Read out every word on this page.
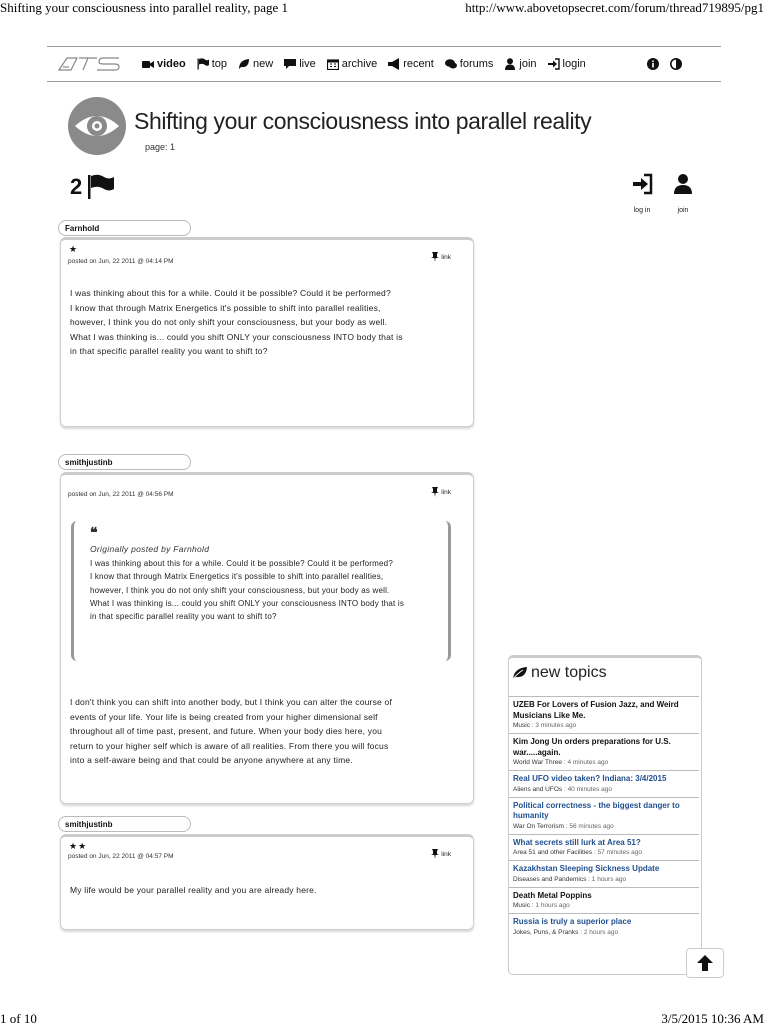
Shifting your consciousness into parallel reality, page 1	http://www.abovetopsecret.com/forum/thread719895/pg1
1 of 10	3/5/2015 10:36 AM
video top new live archive recent forums join login
Shifting your consciousness into parallel reality
page: 1
2
log in	join
Farnhold
★
posted on Jun, 22 2011 @ 04:14 PM
link
I was thinking about this for a while. Could it be possible? Could it be performed?
I know that through Matrix Energetics it's possible to shift into parallel realities,
however, I think you do not only shift your consciousness, but your body as well.
What I was thinking is... could you shift ONLY your consciousness INTO body that is
in that specific parallel reality you want to shift to?
smithjustinb
posted on Jun, 22 2011 @ 04:56 PM	link
❝
Originally posted by Farnhold
I was thinking about this for a while. Could it be possible? Could it be performed?
I know that through Matrix Energetics it's possible to shift into parallel realities,
however, I think you do not only shift your consciousness, but your body as well.
What I was thinking is... could you shift ONLY your consciousness INTO body that is
in that specific parallel reality you want to shift to?
I don't think you can shift into another body, but I think you can alter the course of
events of your life. Your life is being created from your higher dimensional self
throughout all of time past, present, and future. When your body dies here, you
return to your higher self which is aware of all realities. From there you will focus
into a self-aware being and that could be anyone anywhere at any time.
smithjustinb
★★
posted on Jun, 22 2011 @ 04:57 PM	link
My life would be your parallel reality and you are already here.
new topics
UZEB For Lovers of Fusion Jazz, and Weird Musicians Like Me.
Music : 3 minutes ago
Kim Jong Un orders preparations for U.S. war.....again.
World War Three : 4 minutes ago
Real UFO video taken? Indiana: 3/4/2015
Aliens and UFOs : 40 minutes ago
Political correctness - the biggest danger to humanity
War On Terrorism : 56 minutes ago
What secrets still lurk at Area 51?
Area 51 and other Facilities : 57 minutes ago
Kazakhstan Sleeping Sickness Update
Diseases and Pandemics : 1 hours ago
Death Metal Poppins
Music : 1 hours ago
Russia is truly a superior place
Jokes, Puns, & Pranks : 2 hours ago
